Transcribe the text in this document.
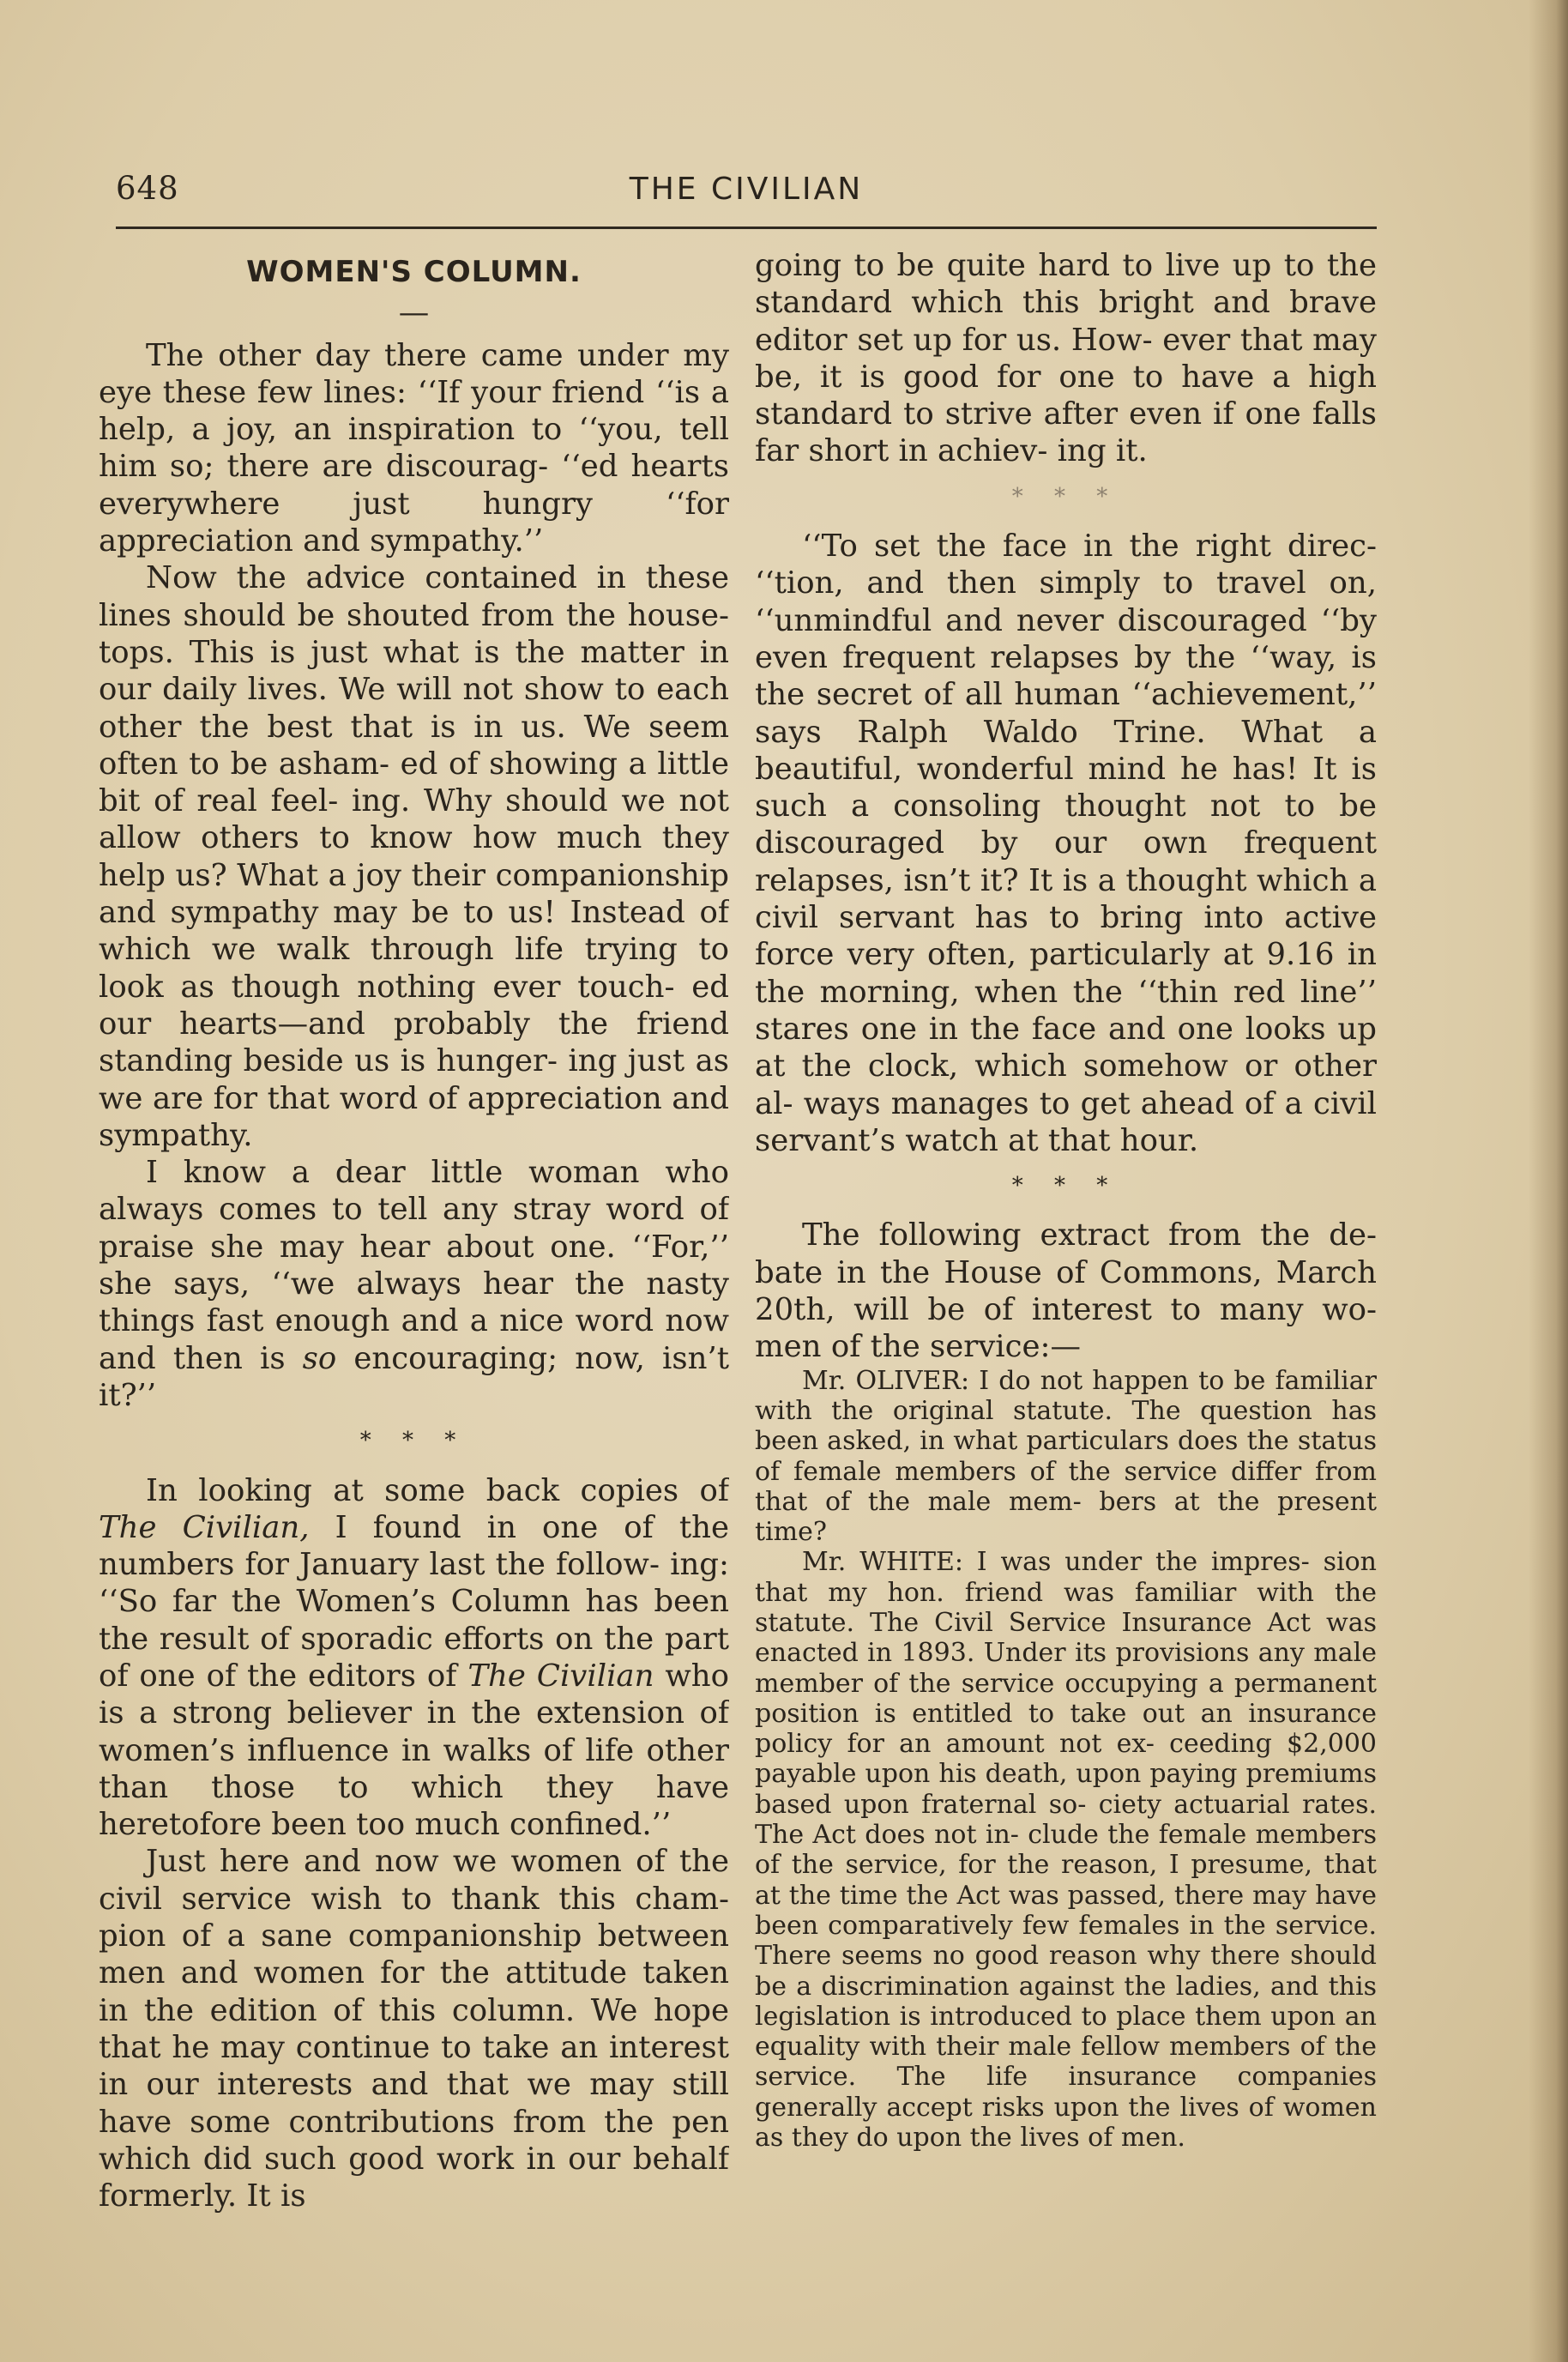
648	THE CIVILIAN

WOMEN'S COLUMN.

—

The other day there came under my eye these few lines: ‘‘If your friend ‘‘is a help, a joy, an inspiration to ‘‘you, tell him so; there are discourag- ‘‘ed hearts everywhere just hungry ‘‘for appreciation and sympathy.’’

Now the advice contained in these lines should be shouted from the house-tops. This is just what is the matter in our daily lives. We will not show to each other the best that is in us. We seem often to be asham- ed of showing a little bit of real feel- ing. Why should we not allow others to know how much they help us? What a joy their companionship and sympathy may be to us! Instead of which we walk through life trying to look as though nothing ever touch- ed our hearts—and probably the friend standing beside us is hunger- ing just as we are for that word of appreciation and sympathy.

I know a dear little woman who always comes to tell any stray word of praise she may hear about one. ‘‘For,’’ she says, ‘‘we always hear the nasty things fast enough and a nice word now and then is so encouraging; now, isn’t it?’’

* * *

In looking at some back copies of The Civilian, I found in one of the numbers for January last the follow- ing: ‘‘So far the Women’s Column has been the result of sporadic efforts on the part of one of the editors of The Civilian who is a strong believer in the extension of women’s influence in walks of life other than those to which they have heretofore been too much confined.’’

Just here and now we women of the civil service wish to thank this cham- pion of a sane companionship between men and women for the attitude taken in the edition of this column. We hope that he may continue to take an interest in our interests and that we may still have some contributions from the pen which did such good work in our behalf formerly. It is

going to be quite hard to live up to the standard which this bright and brave editor set up for us. How- ever that may be, it is good for one to have a high standard to strive after even if one falls far short in achiev- ing it.

* * *

‘‘To set the face in the right direc- ‘‘tion, and then simply to travel on, ‘‘unmindful and never discouraged ‘‘by even frequent relapses by the ‘‘way, is the secret of all human ‘‘achievement,’’ says Ralph Waldo Trine. What a beautiful, wonderful mind he has! It is such a consoling thought not to be discouraged by our own frequent relapses, isn’t it? It is a thought which a civil servant has to bring into active force very often, particularly at 9.16 in the morning, when the ‘‘thin red line’’ stares one in the face and one looks up at the clock, which somehow or other al- ways manages to get ahead of a civil servant’s watch at that hour.

* * *

The following extract from the de- bate in the House of Commons, March 20th, will be of interest to many wo- men of the service:—

Mr. OLIVER: I do not happen to be familiar with the original statute. The question has been asked, in what particulars does the status of female members of the service differ from that of the male mem- bers at the present time?

Mr. WHITE: I was under the impres- sion that my hon. friend was familiar with the statute. The Civil Service Insurance Act was enacted in 1893. Under its provisions any male member of the service occupying a permanent position is entitled to take out an insurance policy for an amount not ex- ceeding $2,000 payable upon his death, upon paying premiums based upon fraternal so- ciety actuarial rates. The Act does not in- clude the female members of the service, for the reason, I presume, that at the time the Act was passed, there may have been comparatively few females in the service. There seems no good reason why there should be a discrimination against the ladies, and this legislation is introduced to place them upon an equality with their male fellow members of the service. The life insurance companies generally accept risks upon the lives of women as they do upon the lives of men.
